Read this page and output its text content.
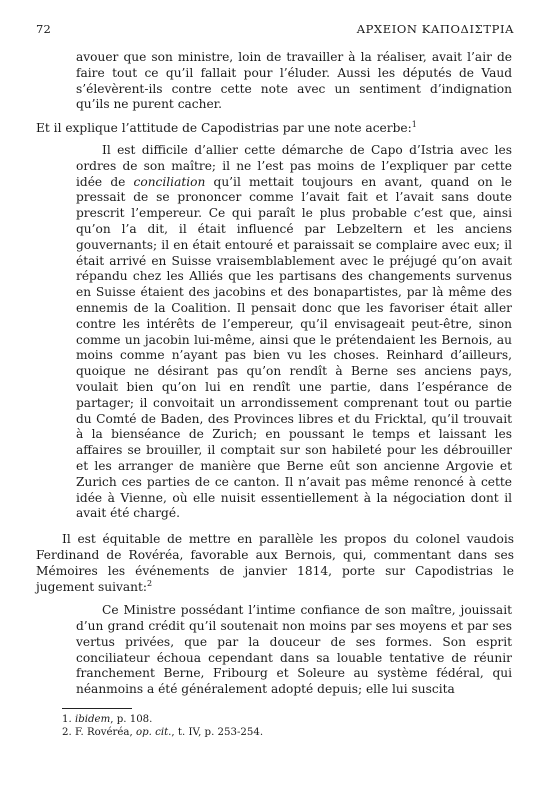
72	ΑΡΧΕΙΟΝ ΚΑΠΟΔΙΣΤΡΙΑ

avouer que son ministre, loin de travailler à la réaliser, avait l’air de faire tout ce qu’il fallait pour l’éluder. Aussi les députés de Vaud s’élevèrent-ils contre cette note avec un sentiment d’indignation qu’ils ne purent cacher.

Et il explique l’attitude de Capodistrias par une note acerbe:$^1$

Il est difficile d’allier cette démarche de Capo d’Istria avec les ordres de son maître; il ne l’est pas moins de l’expliquer par cette idée de conciliation qu’il mettait toujours en avant, quand on le pressait de se prononcer comme l’avait fait et l’avait sans doute prescrit l’empereur. Ce qui paraît le plus probable c’est que, ainsi qu’on l’a dit, il était influencé par Lebzeltern et les anciens gouvernants; il en était entouré et paraissait se complaire avec eux; il était arrivé en Suisse vraisemblablement avec le préjugé qu’on avait répandu chez les Alliés que les partisans des changements survenus en Suisse étaient des jacobins et des bonapartistes, par là même des ennemis de la Coalition. Il pensait donc que les favoriser était aller contre les intérêts de l’empereur, qu’il envisageait peut-être, sinon comme un jacobin lui-même, ainsi que le prétendaient les Bernois, au moins comme n’ayant pas bien vu les choses. Reinhard d’ailleurs, quoique ne désirant pas qu’on rendît à Berne ses anciens pays, voulait bien qu’on lui en rendît une partie, dans l’espérance de partager; il convoitait un arrondissement comprenant tout ou partie du Comté de Baden, des Provinces libres et du Fricktal, qu’il trouvait à la bienséance de Zurich; en poussant le temps et laissant les affaires se brouiller, il comptait sur son habileté pour les débrouiller et les arranger de manière que Berne eût son ancienne Argovie et Zurich ces parties de ce canton. Il n’avait pas même renoncé à cette idée à Vienne, où elle nuisit essentiellement à la négociation dont il avait été chargé.

Il est équitable de mettre en parallèle les propos du colonel vaudois Ferdinand de Rovéréa, favorable aux Bernois, qui, commentant dans ses Mémoires les événements de janvier 1814, porte sur Capodistrias le jugement suivant:$^2$

Ce Ministre possédant l’intime confiance de son maître, jouissait d’un grand crédit qu’il soutenait non moins par ses moyens et par ses vertus privées, que par la douceur de ses formes. Son esprit conciliateur échoua cependant dans sa louable tentative de réunir franchement Berne, Fribourg et Soleure au système fédéral, qui néanmoins a été généralement adopté depuis; elle lui suscita

1. ibidem, p. 108.
2. F. Rovéréa, op. cit., t. IV, p. 253-254.
